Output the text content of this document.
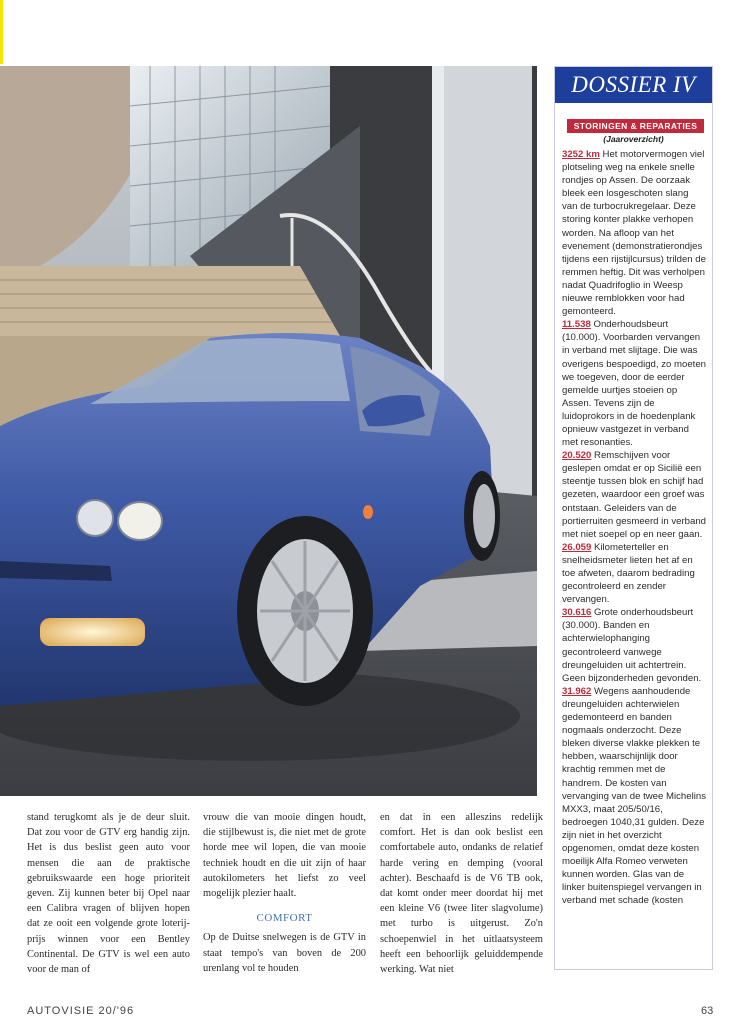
stand terugkomt als je de deur sluit. Dat zou voor de GTV erg handig zijn. Het is dus beslist geen auto voor mensen die aan de praktische gebruikswaarde een hoge prioriteit geven. Zij kunnen beter bij Opel naar een Calibra vragen of blijven hopen dat ze ooit een volgende grote loterij-prijs winnen voor een Bentley Continental. De GTV is wel een auto voor de man of

vrouw die van mooie dingen houdt, die stijlbewust is, die niet met de grote horde mee wil lopen, die van mooie techniek houdt en die uit zijn of haar autokilometers het liefst zo veel mogelijk plezier haalt.

COMFORT

Op de Duitse snelwegen is de GTV in staat tempo's van boven de 200 urenlang vol te houden

en dat in een alleszins redelijk comfort. Het is dan ook beslist een comfortabele auto, ondanks de relatief harde vering en demping (vooral achter). Beschaafd is de V6 TB ook, dat komt onder meer doordat hij met een kleine V6 (twee liter slagvolume) met turbo is uitgerust. Zo'n schoepenwiel in het uitlaatsysteem heeft een behoorlijk geluiddempende werking. Wat niet

DOSSIER IV
STORINGEN & REPARATIES
(Jaaroverzicht)

3252 km Het motorvermogen viel plotseling weg na enkele snelle rondjes op Assen. De oorzaak bleek een losgeschoten slang van de turbocrukregelaar. Deze storing konter plakke verhopen worden. Na afloop van het evenement (demonstratierondjes tijdens een rijstijlcursus) trilden de remmen heftig. Dit was verholpen nadat Quadrifoglio in Weesp nieuwe remblokken voor had gemonteerd.

11.538 Onderhoudsbeurt (10.000). Voorbarden vervangen in verband met slijtage. Die was overigens bespoedigd, zo moeten we toegeven, door de eerder gemelde uurtjes stoeien op Assen. Tevens zijn de luidoprokors in de hoedenplank opnieuw vastgezet in verband met resonanties.

20.520 Remschijven voor geslepen omdat er op Sicilië een steentje tussen blok en schijf had gezeten, waardoor een groef was ontstaan. Geleiders van de portierruiten gesmeerd in verband met niet soepel op en neer gaan.

26.059 Kilometerteller en snelheidsmeter lieten het af en toe afweten, daarom bedrading gecontroleerd en zender vervangen.

30.616 Grote onderhoudsbeurt (30.000). Banden en achterwielophanging gecontroleerd vanwege dreungeluiden uit achtertrein. Geen bijzonderheden gevonden.

31.962 Wegens aanhoudende dreungeluiden achterwielen gedemonteerd en banden nogmaals onderzocht. Deze bleken diverse vlakke plekken te hebben, waarschijnlijk door krachtig remmen met de handrem. De kosten van vervanging van de twee Michelins MXX3, maat 205/50/16, bedroegen 1040,31 gulden. Deze zijn niet in het overzicht opgenomen, omdat deze kosten moeilijk Alfa Romeo verweten kunnen worden. Glas van de linker buitenspiegel vervangen in verband met schade (kosten

AUTOVISIE 20/'96	63
